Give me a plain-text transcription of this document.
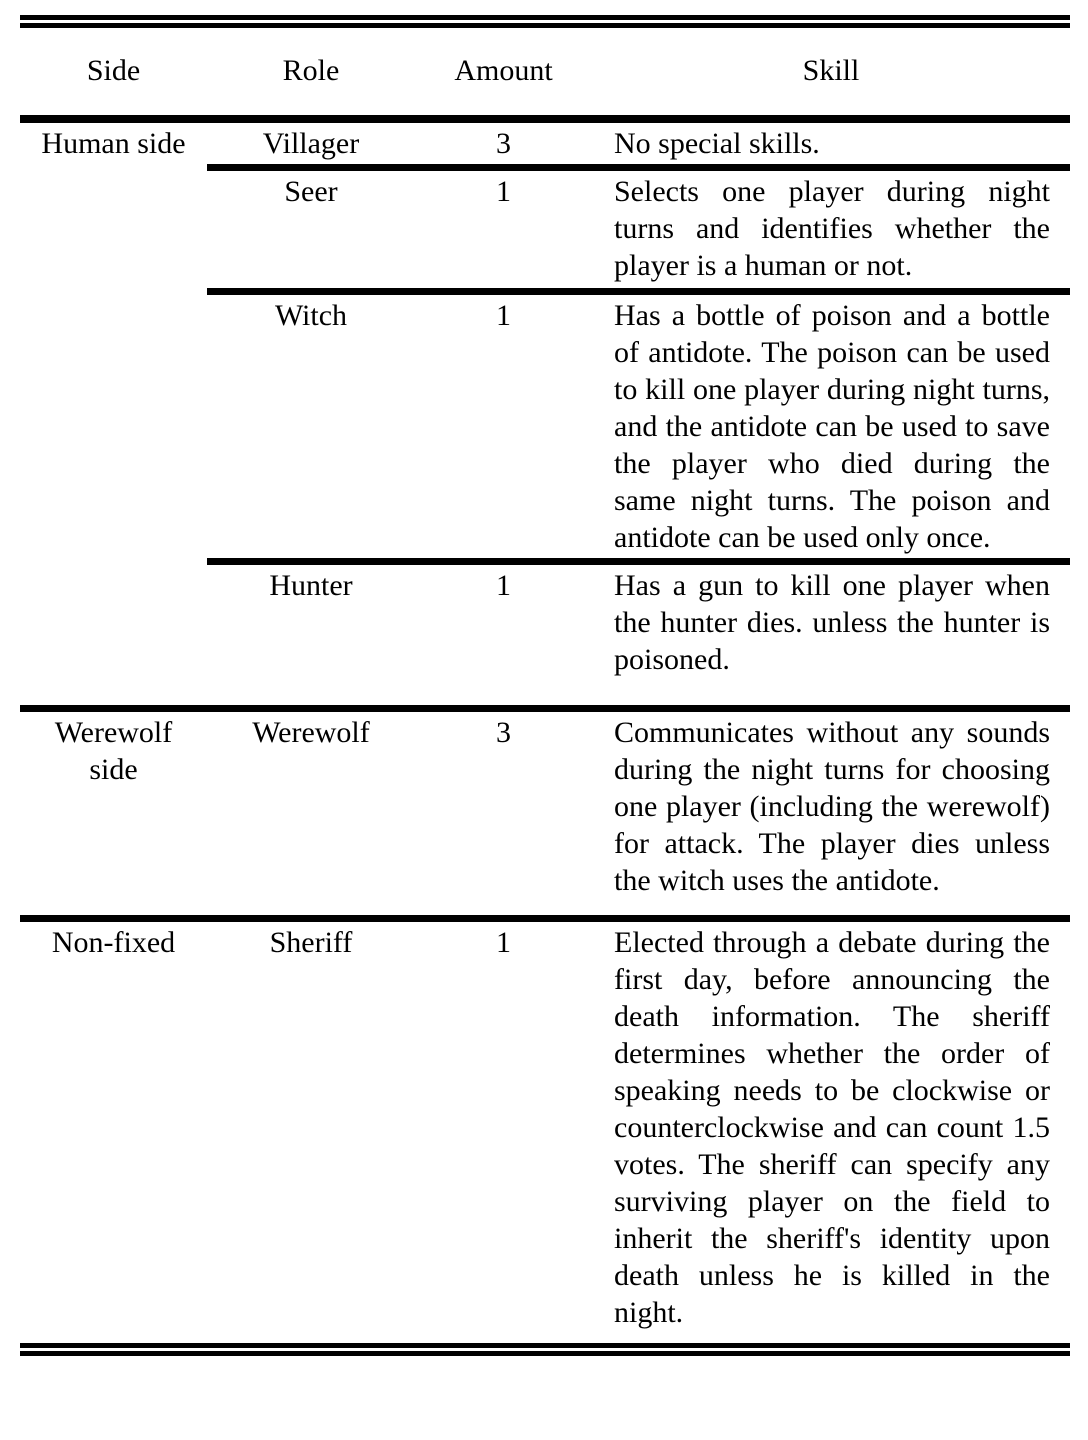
Side	Role	Amount	Skill
Human side	Villager	3	No special skills.
	Seer	1	Selects one player during night turns and identifies whether the player is a human or not.
	Witch	1	Has a bottle of poison and a bottle of antidote. The poison can be used to kill one player during night turns, and the antidote can be used to save the player who died during the same night turns. The poison and antidote can be used only once.
	Hunter	1	Has a gun to kill one player when the hunter dies. unless the hunter is poisoned.
Werewolf side	Werewolf	3	Communicates without any sounds during the night turns for choosing one player (including the werewolf) for attack. The player dies unless the witch uses the antidote.
Non-fixed	Sheriff	1	Elected through a debate during the first day, before announcing the death information. The sheriff determines whether the order of speaking needs to be clockwise or counterclockwise and can count 1.5 votes. The sheriff can specify any surviving player on the field to inherit the sheriff's identity upon death unless he is killed in the night.
